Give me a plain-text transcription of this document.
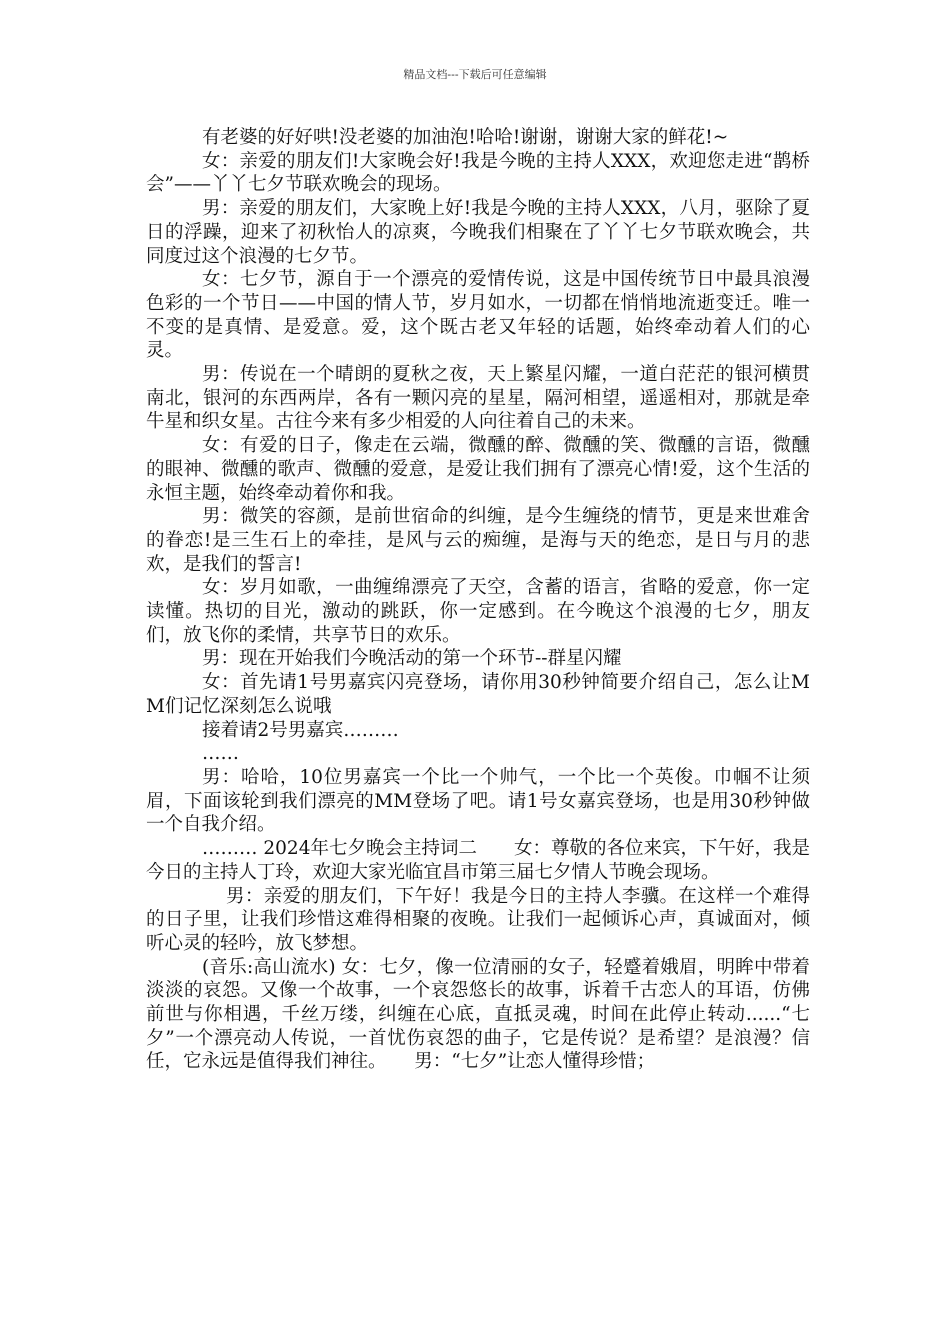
精品文档---下载后可任意编辑

有老婆的好好哄!没老婆的加油泡!哈哈!谢谢，谢谢大家的鲜花!~

女：亲爱的朋友们!大家晚会好!我是今晚的主持人XXX，欢迎您走进“鹊桥会”——丫丫七夕节联欢晚会的现场。

男：亲爱的朋友们，大家晚上好!我是今晚的主持人XXX，八月，驱除了夏日的浮躁，迎来了初秋怡人的凉爽，今晚我们相聚在了丫丫七夕节联欢晚会，共同度过这个浪漫的七夕节。

女：七夕节，源自于一个漂亮的爱情传说，这是中国传统节日中最具浪漫色彩的一个节日——中国的情人节，岁月如水，一切都在悄悄地流逝变迁。唯一不变的是真情、是爱意。爱，这个既古老又年轻的话题，始终牵动着人们的心灵。

男：传说在一个晴朗的夏秋之夜，天上繁星闪耀，一道白茫茫的银河横贯南北，银河的东西两岸，各有一颗闪亮的星星，隔河相望，遥遥相对，那就是牵牛星和织女星。古往今来有多少相爱的人向往着自己的未来。

女：有爱的日子，像走在云端，微醺的醉、微醺的笑、微醺的言语，微醺的眼神、微醺的歌声、微醺的爱意，是爱让我们拥有了漂亮心情!爱，这个生活的永恒主题，始终牵动着你和我。

男：微笑的容颜，是前世宿命的纠缠，是今生缠绕的情节，更是来世难舍的眷恋!是三生石上的牵挂，是风与云的痴缠，是海与天的绝恋，是日与月的悲欢，是我们的誓言!

女：岁月如歌，一曲缠绵漂亮了天空，含蓄的语言，省略的爱意，你一定读懂。热切的目光，激动的跳跃，你一定感到。在今晚这个浪漫的七夕，朋友们，放飞你的柔情，共享节日的欢乐。

男：现在开始我们今晚活动的第一个环节--群星闪耀

女：首先请1号男嘉宾闪亮登场，请你用30秒钟简要介绍自己，怎么让MM们记忆深刻怎么说哦

接着请2号男嘉宾………

……

男：哈哈，10位男嘉宾一个比一个帅气，一个比一个英俊。巾帼不让须眉，下面该轮到我们漂亮的MM登场了吧。请1号女嘉宾登场，也是用30秒钟做一个自我介绍。

……… 2024年七夕晚会主持词二　　女：尊敬的各位来宾，下午好，我是今日的主持人丁玲，欢迎大家光临宜昌市第三届七夕情人节晚会现场。

男：亲爱的朋友们，下午好！我是今日的主持人李骥。在这样一个难得的日子里，让我们珍惜这难得相聚的夜晚。让我们一起倾诉心声，真诚面对，倾听心灵的轻吟，放飞梦想。

(音乐:高山流水) 女：七夕，像一位清丽的女子，轻蹙着娥眉，明眸中带着淡淡的哀怨。又像一个故事，一个哀怨悠长的故事，诉着千古恋人的耳语，仿佛前世与你相遇，千丝万缕，纠缠在心底，直抵灵魂，时间在此停止转动......“七夕”一个漂亮动人传说，一首忧伤哀怨的曲子，它是传说？是希望？是浪漫？信任，它永远是值得我们神往。　　男：“七夕”让恋人懂得珍惜；
